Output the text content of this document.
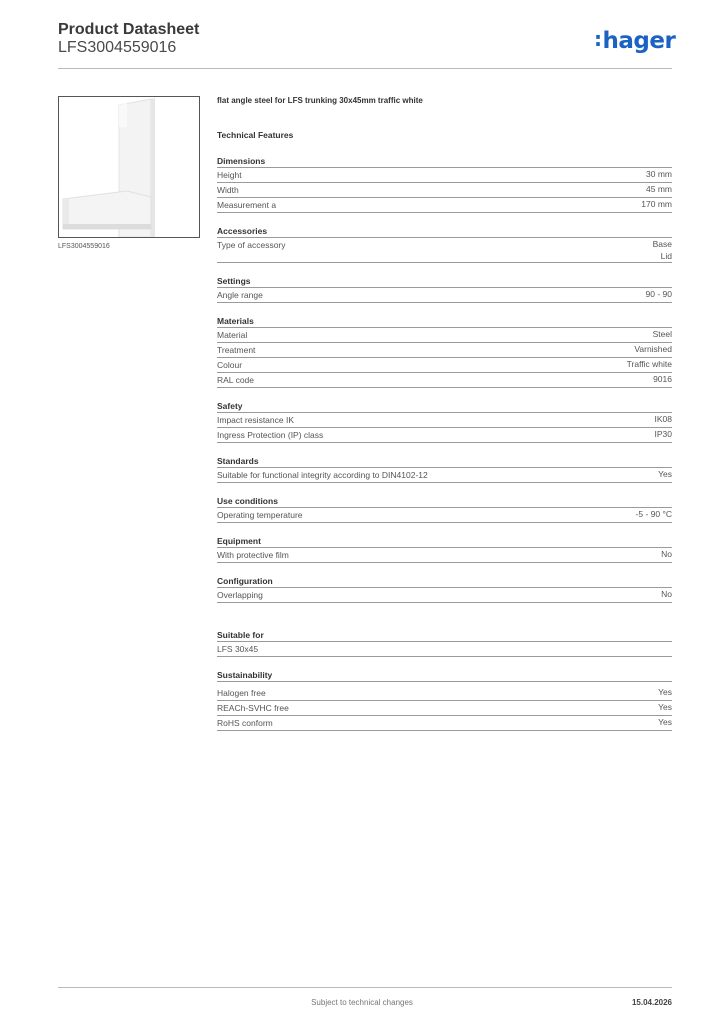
Product Datasheet
LFS3004559016	:hager
LFS3004559016
flat angle steel for LFS trunking 30x45mm traffic white
Technical Features
Dimensions
Height	30 mm
Width	45 mm
Measurement a	170 mm
Accessories
Type of accessory	Base
Lid
Settings
Angle range	90 - 90
Materials
Material	Steel
Treatment	Varnished
Colour	Traffic white
RAL code	9016
Safety
Impact resistance IK	IK08
Ingress Protection (IP) class	IP30
Standards
Suitable for functional integrity according to DIN4102-12	Yes
Use conditions
Operating temperature	-5 - 90 °C
Equipment
With protective film	No
Configuration
Overlapping	No
Suitable for
LFS 30x45
Sustainability
Halogen free	Yes
REACh-SVHC free	Yes
RoHS conform	Yes
Subject to technical changes	15.04.2026
